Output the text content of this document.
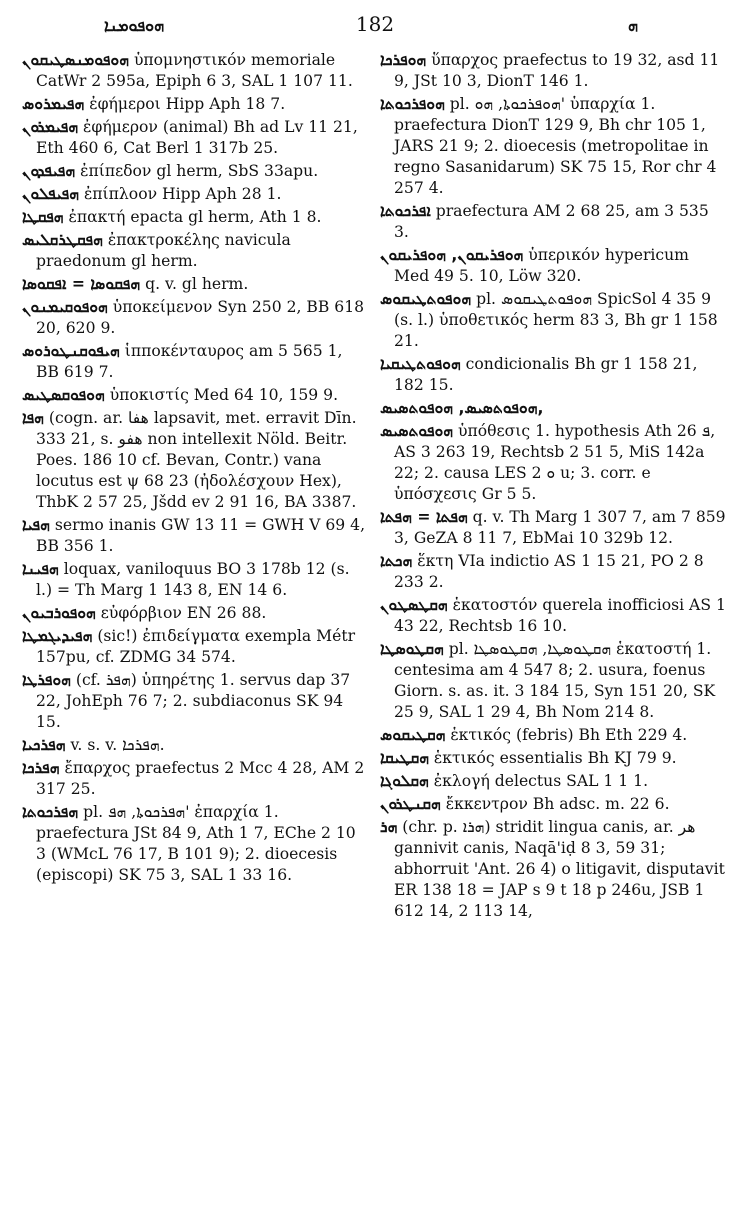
ܗܘܦܘܡܢܐ	182	ܗ

ܗܘܦܘܡܢܣܛܝܩܘܢ ὑπομνηστικόν memoriale CatWr 2 595a, Epiph 6 3, SAL 1 107 11.

ܗܦܝܡܪܘܣ ἐφήμεροι Hipp Aph 18 7.

ܗܦܝܡܪܘܢ ἐφήμερον (animal) Bh ad Lv 11 21, Eth 460 6, Cat Berl 1 317b 25.

ܗܦܝܦܕܘܢ ἐπίπεδον gl herm, SbS 33apu.

ܗܦܝܦܠܘܢ ἐπίπλοον Hipp Aph 28 1.

ܗܦܩܛܐ ἐπακτή epacta gl herm, Ath 1 8.

ܗܦܩܛܪܩܠܝܣ ἐπακτροκέλης navicula praedonum gl herm.

ܗܦܩܘܣܐ = ܐܦܩܘܣܐ q. v. gl herm.

ܗܘܦܘܩܝܡܢܘܢ ὑποκείμενον Syn 250 2, BB 618 20, 620 9.

ܗܝܦܘܩܢܛܘܪܘܣ ἱπποκένταυρος am 5 565 1, BB 619 7.

ܗܘܦܘܩܣܛܝܣ ὑποκιστίς Med 64 10, 159 9.

ܗܦܐ (cogn. ar. هفا lapsavit, met. erravit Dīn. 333 21, s. هفو non intellexit Nöld. Beitr. Poes. 186 10 cf. Bevan, Contr.) vana locutus est ψ 68 23 (ἠδολέσχουν Hex), ThbK 2 57 25, Jšdd ev 2 91 16, BA 3387.

ܗܦܝܐ sermo inanis GW 13 11 = GWH V 69 4, BB 356 1.

ܗܦܝܢܐ loquax, vaniloquus BO 3 178b 12 (s. l.) = Th Marg 1 143 8, EN 14 6.

ܗܘܦܘܪܒܝܘܢ εὐφόρβιον EN 26 88.

ܗܦܝܕܝܓܡܛܐ (sic!) ἐπιδείγματα exempla Métr 157pu, cf. ZDMG 34 574.

ܗܘܦܪܛܐ (cf. ܗܦܪ) ὑπηρέτης 1. servus dap 37 22, JohEph 76 7; 2. subdiaconus SK 94 15.

ܗܦܪܟܝܐ v. s. v. ܗܦܪܟܐ.

ܗܦܪܟܐ ἔπαρχος praefectus 2 Mcc 4 28, AM 2 317 25.

ܗܦܪܟܘܬܐ pl. ܗܦܪܟܘܬܐ, ܗܦ' ἐπαρχία 1. praefectura JSt 84 9, Ath 1 7, EChe 2 10 3 (WMcL 76 17, B 101 9); 2. dioecesis (episcopi) SK 75 3, SAL 1 33 16.

ܗܘܦܪܟܐ ὕπαρχος praefectus to 19 32, asd 11 9, JSt 10 3, DionT 146 1.

ܗܘܦܪܟܘܬܐ pl. ܗܘܦܪܟܘܬܐ, ܗܘ' ὑπαρχία 1. praefectura DionT 129 9, Bh chr 105 1, JARS 21 9; 2. dioecesis (metropolitae in regno Sasanidarum) SK 75 15, Ror chr 4 257 4.

ܐܦܪܟܘܬܐ praefectura AM 2 68 25, am 3 535 3.

ܗܘܦܪܝܩܘܢ, ܗܘܦܪܝܩܘܢ ὑπερικόν hypericum Med 49 5. 10, Löw 320.

ܗܘܦܘܬܛܝܩܘܣ pl. ܗܘܦܘܬܛܝܩܘܣ SpicSol 4 35 9 (s. l.) ὑποθετικός herm 83 3, Bh gr 1 158 21.

ܗܘܦܘܬܛܝܩܝܐ condicionalis Bh gr 1 158 21, 182 15.

ܗܘܦܘܬܣܝܣ, ܗܘܦܘܬܣܝܣ,

ܗܘܦܘܬܣܝܣ ὑπόθεσις 1. hypothesis Ath ܦ 26, AS 3 263 19, Rechtsb 2 51 5, MiS 142a 22; 2. causa LES 2 ܘ u; 3. corr. e ὑπόσχεσις Gr 5 5.

ܗܦܬܐ = ܗܦܬܐ q. v. Th Marg 1 307 7, am 7 859 3, GeZA 8 11 7, EbMai 10 329b 12.

ܗܟܬܐ ἕκτη VIa indictio AS 1 15 21, PO 2 8 233 2.

ܗܩܛܣܛܘܢ ἑκατοστόν querela inofficiosi AS 1 43 22, Rechtsb 16 10.

ܗܩܛܘܣܛܐ pl. ܗܩܛܘܣܛܐ, ܗܩܛܘܣܛܐ ἑκατοστή 1. centesima am 4 547 8; 2. usura, foenus Giorn. s. as. it. 3 184 15, Syn 151 20, SK 25 9, SAL 1 29 4, Bh Nom 214 8.

ܗܩܛܝܩܘܣ ἑκτικός (febris) Bh Eth 229 4.

ܗܩܛܝܩܐ ἑκτικός essentialis Bh KJ 79 9.

ܗܩܠܘܓܐ ἐκλογή delectus SAL 1 1 1.

ܗܩܢܛܪܘܢ ἔκκεντρον Bh adsc. m. 22 6.

ܗܪ (chr. p. ܗܪܐ) stridit lingua canis, ar. هر gannivit canis, Naqā'iḍ 8 3, 59 31; abhorruit 'Ant. 26 4) o litigavit, disputavit ER 138 18 = JAP s 9 t 18 p 246u, JSB 1 612 14, 2 113 14,
